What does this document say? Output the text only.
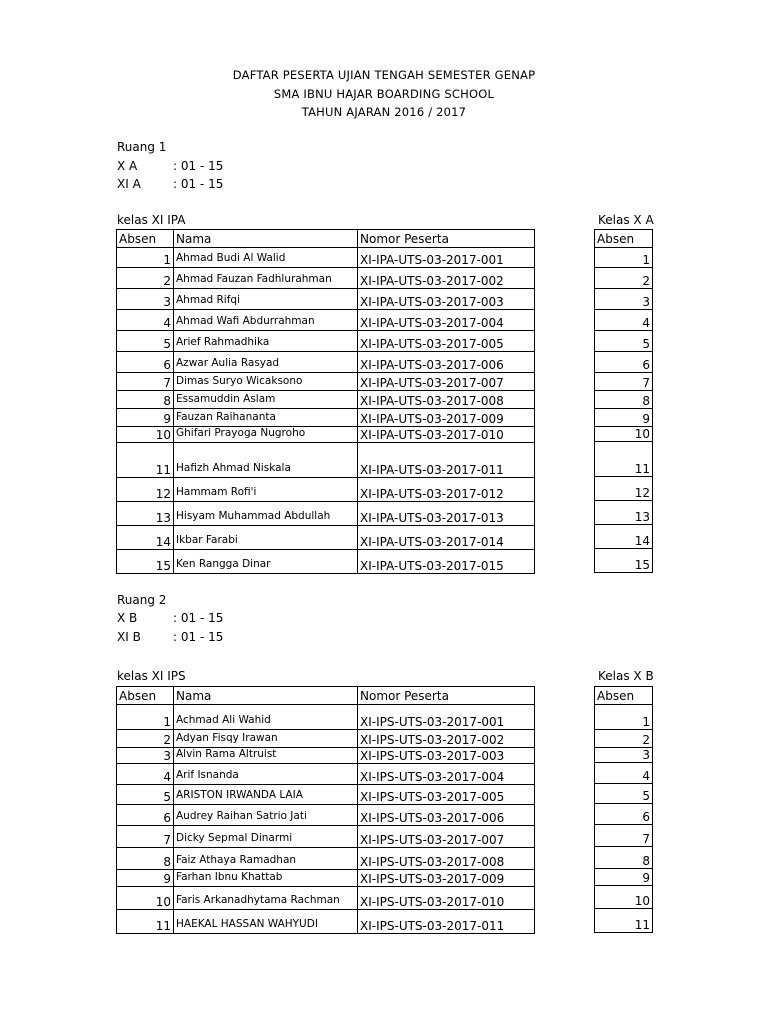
DAFTAR PESERTA UJIAN TENGAH SEMESTER GENAP
SMA IBNU HAJAR BOARDING SCHOOL
TAHUN AJARAN 2016 / 2017
Ruang 1
X A	: 01 - 15
XI A	: 01 - 15
kelas XI IPA	Kelas X A
Absen	Nama	Nomor Peserta
1	Ahmad Budi Al Walid	XI-IPA-UTS-03-2017-001
2	Ahmad Fauzan Fadhlurahman	XI-IPA-UTS-03-2017-002
3	Ahmad Rifqi	XI-IPA-UTS-03-2017-003
4	Ahmad Wafi Abdurrahman	XI-IPA-UTS-03-2017-004
5	Arief Rahmadhika	XI-IPA-UTS-03-2017-005
6	Azwar Aulia Rasyad	XI-IPA-UTS-03-2017-006
7	Dimas Suryo Wicaksono	XI-IPA-UTS-03-2017-007
8	Essamuddin Aslam	XI-IPA-UTS-03-2017-008
9	Fauzan Raihananta	XI-IPA-UTS-03-2017-009
10	Ghifari Prayoga Nugroho	XI-IPA-UTS-03-2017-010
11	Hafizh Ahmad Niskala	XI-IPA-UTS-03-2017-011
12	Hammam Rofi'i	XI-IPA-UTS-03-2017-012
13	Hisyam Muhammad Abdullah	XI-IPA-UTS-03-2017-013
14	Ikbar Farabi	XI-IPA-UTS-03-2017-014
15	Ken Rangga Dinar	XI-IPA-UTS-03-2017-015
Absen
1
2
3
4
5
6
7
8
9
10
11
12
13
14
15
Ruang 2
X B	: 01 - 15
XI B	: 01 - 15
kelas XI IPS	Kelas X B
Absen	Nama	Nomor Peserta
1	Achmad Ali Wahid	XI-IPS-UTS-03-2017-001
2	Adyan Fisqy Irawan	XI-IPS-UTS-03-2017-002
3	Alvin Rama Altruist	XI-IPS-UTS-03-2017-003
4	Arif Isnanda	XI-IPS-UTS-03-2017-004
5	ARISTON IRWANDA LAIA	XI-IPS-UTS-03-2017-005
6	Audrey Raihan Satrio Jati	XI-IPS-UTS-03-2017-006
7	Dicky Sepmal Dinarmi	XI-IPS-UTS-03-2017-007
8	Faiz Athaya Ramadhan	XI-IPS-UTS-03-2017-008
9	Farhan Ibnu Khattab	XI-IPS-UTS-03-2017-009
10	Faris Arkanadhytama Rachman	XI-IPS-UTS-03-2017-010
11	HAEKAL HASSAN WAHYUDI	XI-IPS-UTS-03-2017-011
Absen
1
2
3
4
5
6
7
8
9
10
11
